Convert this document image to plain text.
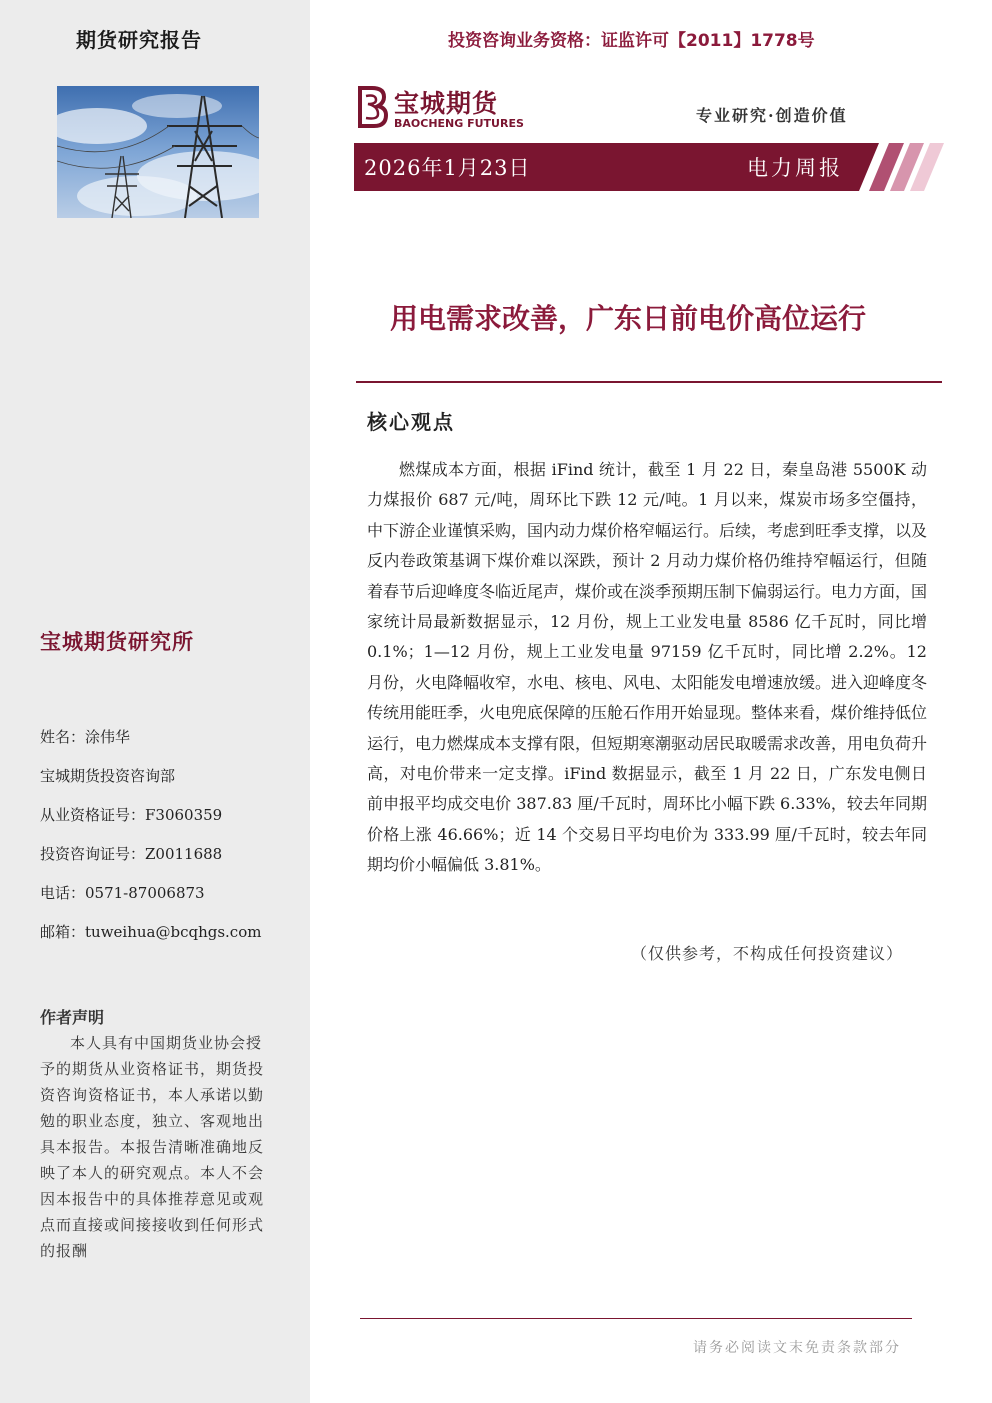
期货研究报告
宝城期货研究所
姓名：涂伟华
宝城期货投资咨询部
从业资格证号：F3060359
投资咨询证号：Z0011688
电话：0571-87006873
邮箱：tuweihua@bcqhgs.com
作者声明
本人具有中国期货业协会授予的期货从业资格证书，期货投资咨询资格证书，本人承诺以勤勉的职业态度，独立、客观地出具本报告。本报告清晰准确地反映了本人的研究观点。本人不会因本报告中的具体推荐意见或观点而直接或间接接收到任何形式的报酬
投资咨询业务资格：证监许可【2011】1778号
宝城期货
BAOCHENG FUTURES	专业研究·创造价值
2026年1月23日	电力周报
用电需求改善，广东日前电价高位运行
核心观点
燃煤成本方面，根据 iFind 统计，截至 1 月 22 日，秦皇岛港 5500K 动力煤报价 687 元/吨，周环比下跌 12 元/吨。1 月以来，煤炭市场多空僵持，中下游企业谨慎采购，国内动力煤价格窄幅运行。后续，考虑到旺季支撑，以及反内卷政策基调下煤价难以深跌，预计 2 月动力煤价格仍维持窄幅运行，但随着春节后迎峰度冬临近尾声，煤价或在淡季预期压制下偏弱运行。电力方面，国家统计局最新数据显示，12 月份，规上工业发电量 8586 亿千瓦时，同比增 0.1%；1—12 月份，规上工业发电量 97159 亿千瓦时，同比增 2.2%。12 月份，火电降幅收窄，水电、核电、风电、太阳能发电增速放缓。进入迎峰度冬传统用能旺季，火电兜底保障的压舱石作用开始显现。整体来看，煤价维持低位运行，电力燃煤成本支撑有限，但短期寒潮驱动居民取暖需求改善，用电负荷升高，对电价带来一定支撑。iFind 数据显示，截至 1 月 22 日，广东发电侧日前申报平均成交电价 387.83 厘/千瓦时，周环比小幅下跌 6.33%，较去年同期价格上涨 46.66%；近 14 个交易日平均电价为 333.99 厘/千瓦时，较去年同期均价小幅偏低 3.81%。
（仅供参考，不构成任何投资建议）
请务必阅读文末免责条款部分
